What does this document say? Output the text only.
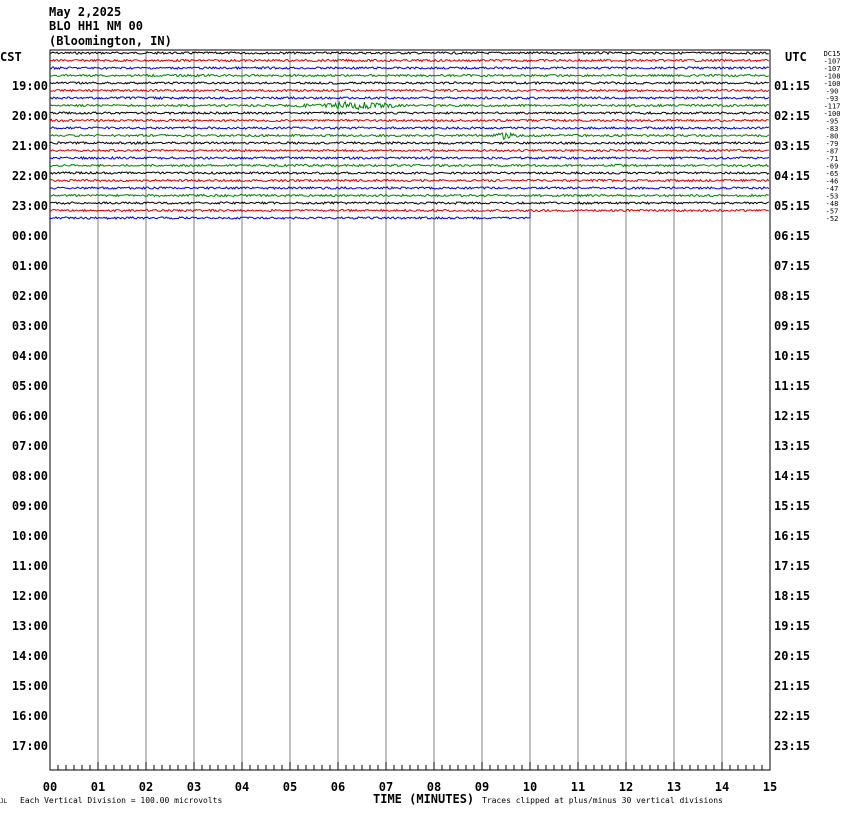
May 2,2025
BLO HH1 NM 00
(Bloomington, IN)
CST	UTC
00	01	02	03	04	05	06	07	08	09	10	11	12	13	14	15
19:00	01:15
20:00	02:15
21:00	03:15
22:00	04:15
23:00	05:15
00:00	06:15
01:00	07:15
02:00	08:15
03:00	09:15
04:00	10:15
05:00	11:15
06:00	12:15
07:00	13:15
08:00	14:15
09:00	15:15
10:00	16:15
11:00	17:15
12:00	18:15
13:00	19:15
14:00	20:15
15:00	21:15
16:00	22:15
17:00	23:15
DC15
-107
-107
-108
-100
-90
-93
-117
-100
-95
-83
-80
-79
-87
-71
-69
-65
-46
-47
-53
-48
-57
-52
JL Each Vertical Division = 100.00 microvolts	TIME (MINUTES) Traces clipped at plus/minus 30 vertical divisions
